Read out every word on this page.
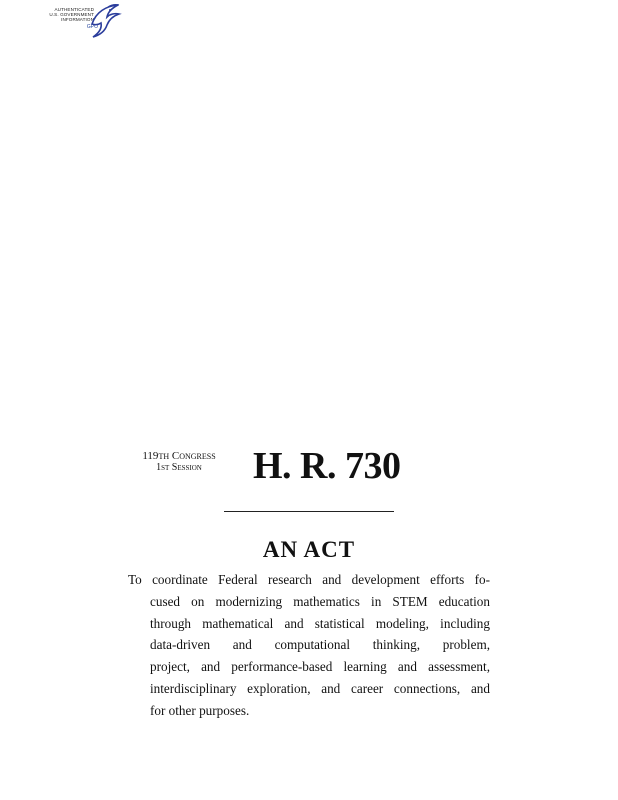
AUTHENTICATED
U.S. GOVERNMENT
INFORMATION
GPO
119th Congress
1st Session	H. R. 730
AN ACT
To coordinate Federal research and development efforts fo-
cused on modernizing mathematics in STEM education
through mathematical and statistical modeling, including
data-driven and computational thinking, problem,
project, and performance-based learning and assessment,
interdisciplinary exploration, and career connections, and
for other purposes.
